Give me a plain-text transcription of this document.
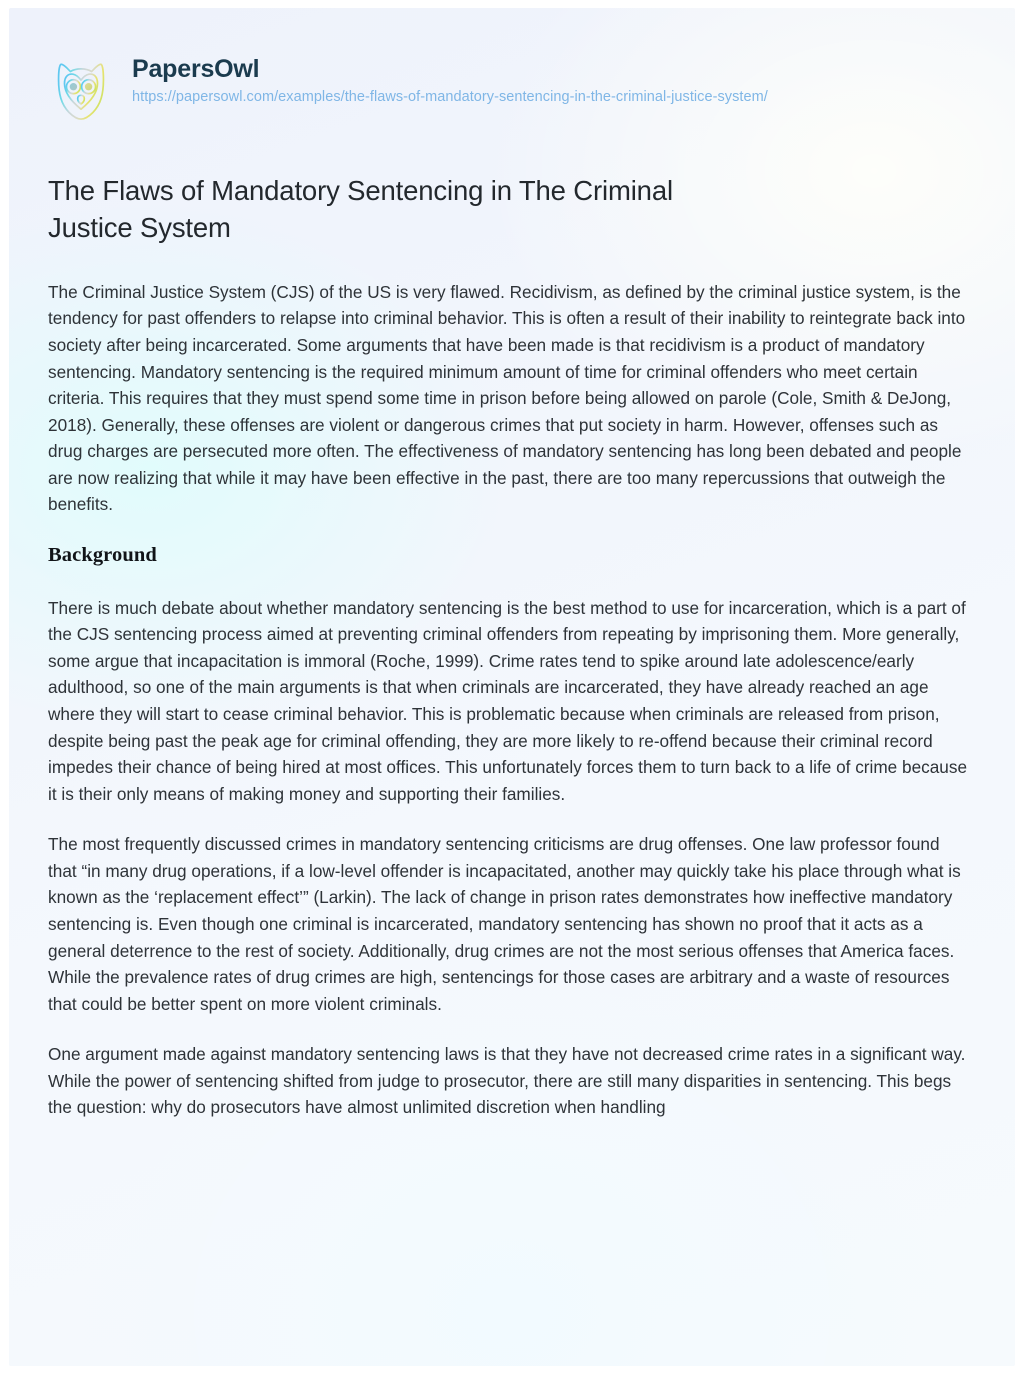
PapersOwl
https://papersowl.com/examples/the-flaws-of-mandatory-sentencing-in-the-criminal-justice-system/
The Flaws of Mandatory Sentencing in The Criminal Justice System

The Criminal Justice System (CJS) of the US is very flawed. Recidivism, as defined by the criminal justice system, is the tendency for past offenders to relapse into criminal behavior. This is often a result of their inability to reintegrate back into society after being incarcerated. Some arguments that have been made is that recidivism is a product of mandatory sentencing. Mandatory sentencing is the required minimum amount of time for criminal offenders who meet certain criteria. This requires that they must spend some time in prison before being allowed on parole (Cole, Smith & DeJong, 2018). Generally, these offenses are violent or dangerous crimes that put society in harm. However, offenses such as drug charges are persecuted more often. The effectiveness of mandatory sentencing has long been debated and people are now realizing that while it may have been effective in the past, there are too many repercussions that outweigh the benefits.

Background

There is much debate about whether mandatory sentencing is the best method to use for incarceration, which is a part of the CJS sentencing process aimed at preventing criminal offenders from repeating by imprisoning them. More generally, some argue that incapacitation is immoral (Roche, 1999). Crime rates tend to spike around late adolescence/early adulthood, so one of the main arguments is that when criminals are incarcerated, they have already reached an age where they will start to cease criminal behavior. This is problematic because when criminals are released from prison, despite being past the peak age for criminal offending, they are more likely to re-offend because their criminal record impedes their chance of being hired at most offices. This unfortunately forces them to turn back to a life of crime because it is their only means of making money and supporting their families.

The most frequently discussed crimes in mandatory sentencing criticisms are drug offenses. One law professor found that “in many drug operations, if a low-level offender is incapacitated, another may quickly take his place through what is known as the ‘replacement effect’” (Larkin). The lack of change in prison rates demonstrates how ineffective mandatory sentencing is. Even though one criminal is incarcerated, mandatory sentencing has shown no proof that it acts as a general deterrence to the rest of society. Additionally, drug crimes are not the most serious offenses that America faces. While the prevalence rates of drug crimes are high, sentencings for those cases are arbitrary and a waste of resources that could be better spent on more violent criminals.

One argument made against mandatory sentencing laws is that they have not decreased crime rates in a significant way. While the power of sentencing shifted from judge to prosecutor, there are still many disparities in sentencing. This begs the question: why do prosecutors have almost unlimited discretion when handling
